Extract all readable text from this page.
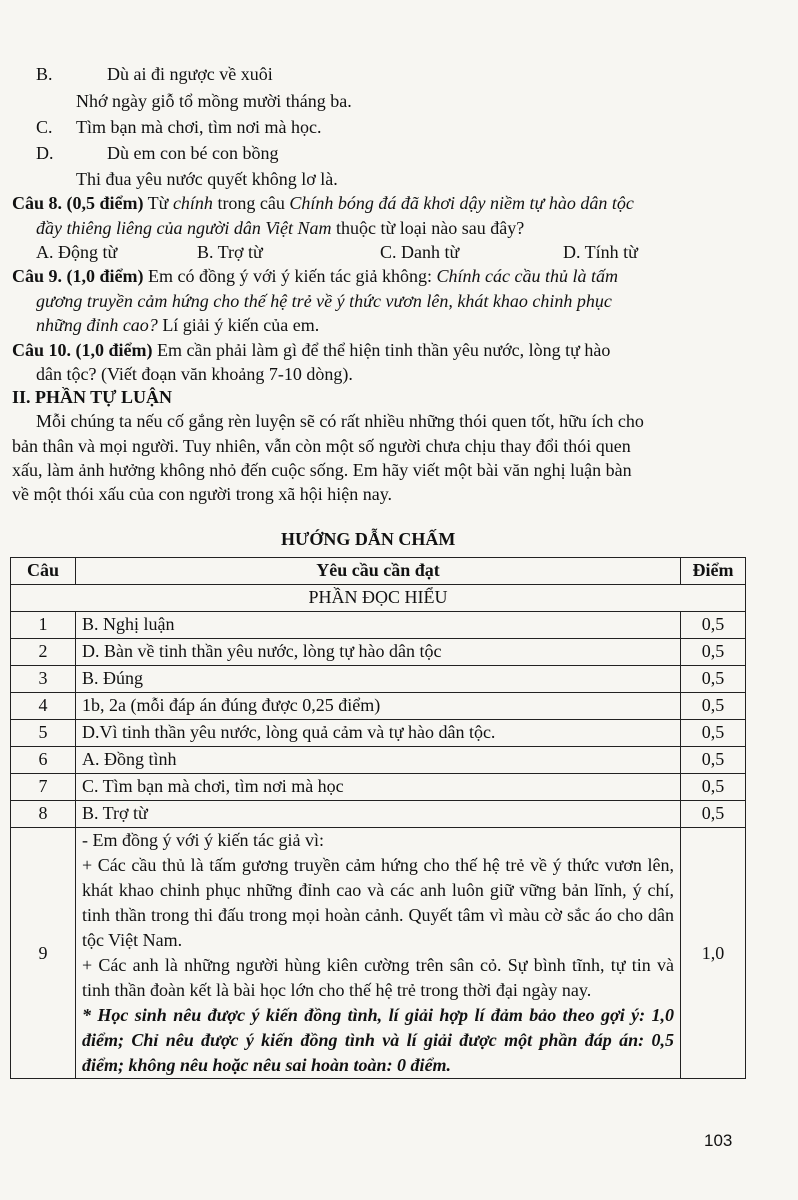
B.	Dù ai đi ngược về xuôi
Nhớ ngày giỗ tổ mồng mười tháng ba.
C. Tìm bạn mà chơi, tìm nơi mà học.
D.	Dù em con bé con bồng
Thi đua yêu nước quyết không lơ là.
Câu 8. (0,5 điểm) Từ chính trong câu Chính bóng đá đã khơi dậy niềm tự hào dân tộc
đầy thiêng liêng của người dân Việt Nam thuộc từ loại nào sau đây?
A. Động từ	B. Trợ từ	C. Danh từ	D. Tính từ
Câu 9. (1,0 điểm) Em có đồng ý với ý kiến tác giả không: Chính các cầu thủ là tấm
gương truyền cảm hứng cho thế hệ trẻ về ý thức vươn lên, khát khao chinh phục
những đỉnh cao? Lí giải ý kiến của em.
Câu 10. (1,0 điểm) Em cần phải làm gì để thể hiện tinh thần yêu nước, lòng tự hào
dân tộc? (Viết đoạn văn khoảng 7-10 dòng).
II. PHẦN TỰ LUẬN
Mỗi chúng ta nếu cố gắng rèn luyện sẽ có rất nhiều những thói quen tốt, hữu ích cho
bản thân và mọi người. Tuy nhiên, vẫn còn một số người chưa chịu thay đổi thói quen
xấu, làm ảnh hưởng không nhỏ đến cuộc sống. Em hãy viết một bài văn nghị luận bàn
về một thói xấu của con người trong xã hội hiện nay.
HƯỚNG DẪN CHẤM
Câu	Yêu cầu cần đạt	Điểm
PHẦN ĐỌC HIỂU		
1	B. Nghị luận	0,5
2	D. Bàn về tinh thần yêu nước, lòng tự hào dân tộc	0,5
3	B. Đúng	0,5
4	1b, 2a (mỗi đáp án đúng được 0,25 điểm)	0,5
5	D.Vì tinh thần yêu nước, lòng quả cảm và tự hào dân tộc.	0,5
6	A. Đồng tình	0,5
7	C. Tìm bạn mà chơi, tìm nơi mà học	0,5
8	B. Trợ từ	0,5
9	- Em đồng ý với ý kiến tác giả vì:
+ Các cầu thủ là tấm gương truyền cảm hứng cho thế hệ trẻ về ý thức vươn lên, khát khao chinh phục những đỉnh cao và các anh luôn giữ vững bản lĩnh, ý chí, tinh thần trong thi đấu trong mọi hoàn cảnh. Quyết tâm vì màu cờ sắc áo cho dân tộc Việt Nam.
+ Các anh là những người hùng kiên cường trên sân cỏ. Sự bình tĩnh, tự tin và tinh thần đoàn kết là bài học lớn cho thế hệ trẻ trong thời đại ngày nay.
* Học sinh nêu được ý kiến đồng tình, lí giải hợp lí đảm bảo theo gợi ý: 1,0 điểm; Chỉ nêu được ý kiến đồng tình và lí giải được một phần đáp án: 0,5 điểm; không nêu hoặc nêu sai hoàn toàn: 0 điểm.	1,0
103
